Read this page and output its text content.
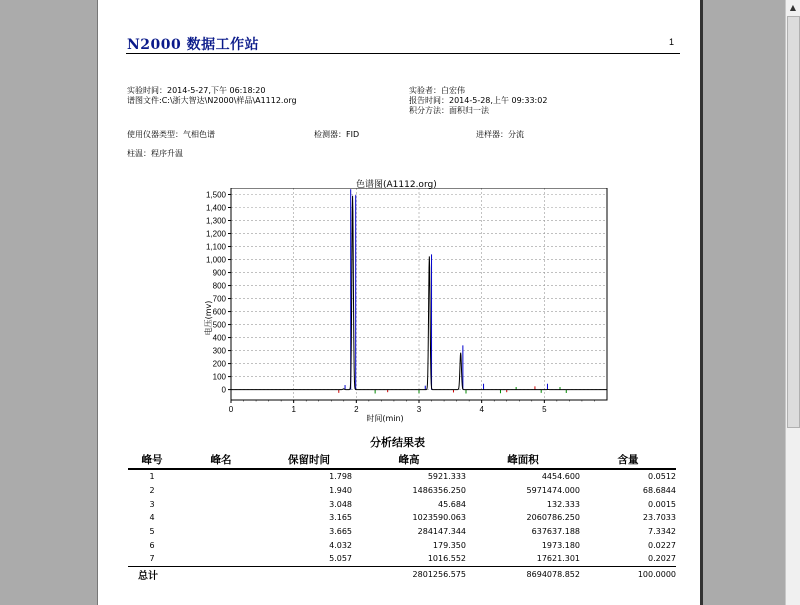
N2000 数据工作站	1
实验时间：2014-5-27,下午 06:18:20
谱图文件:C:\浙大智达\N2000\样品\A1112.org
实验者：白宏伟
报告时间：2014-5-28,上午 09:33:02
积分方法：面积归一法
使用仪器类型：气相色谱	检测器：FID	进样器：分流
柱温：程序升温
色谱图(A1112.org)
0
100
200
300
400
500
600
700
800
900
1,000
1,100
1,200
1,300
1,400
1,500
0	1	2	3	4	5
电压(mv)
时间(min)
分析结果表
峰号	峰名	保留时间	峰高	峰面积	含量
1		1.798	5921.333	4454.600	0.0512
2		1.940	1486356.250	5971474.000	68.6844
3		3.048	45.684	132.333	0.0015
4		3.165	1023590.063	2060786.250	23.7033
5		3.665	284147.344	637637.188	7.3342
6		4.032	179.350	1973.180	0.0227
7		5.057	1016.552	17621.301	0.2027
总计			2801256.575	8694078.852	100.0000
▲
